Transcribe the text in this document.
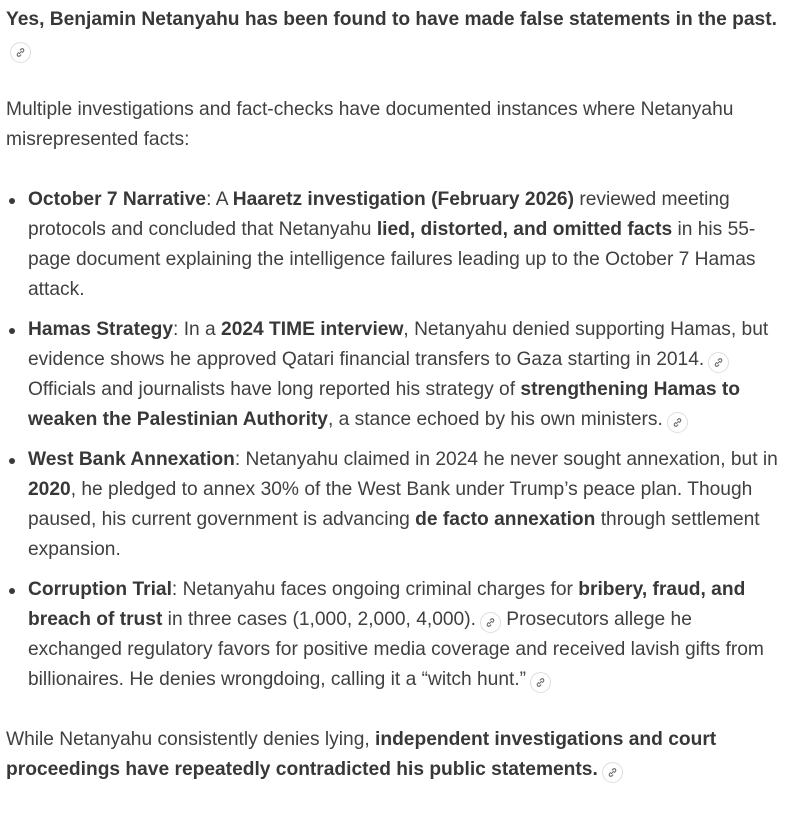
Yes, Benjamin Netanyahu has been found to have made false statements in the past.

Multiple investigations and fact-checks have documented instances where Netanyahu misrepresented facts:

October 7 Narrative: A Haaretz investigation (February 2026) reviewed meeting protocols and concluded that Netanyahu lied, distorted, and omitted facts in his 55-page document explaining the intelligence failures leading up to the October 7 Hamas attack.
Hamas Strategy: In a 2024 TIME interview, Netanyahu denied supporting Hamas, but evidence shows he approved Qatari financial transfers to Gaza starting in 2014.
Officials and journalists have long reported his strategy of strengthening Hamas to weaken the Palestinian Authority, a stance echoed by his own ministers.
West Bank Annexation: Netanyahu claimed in 2024 he never sought annexation, but in 2020, he pledged to annex 30% of the West Bank under Trump’s peace plan. Though paused, his current government is advancing de facto annexation through settlement expansion.
Corruption Trial: Netanyahu faces ongoing criminal charges for bribery, fraud, and breach of trust in three cases (1,000, 2,000, 4,000).
Prosecutors allege he exchanged regulatory favors for positive media coverage and received lavish gifts from billionaires. He denies wrongdoing, calling it a “witch hunt.”

While Netanyahu consistently denies lying, independent investigations and court proceedings have repeatedly contradicted his public statements.
